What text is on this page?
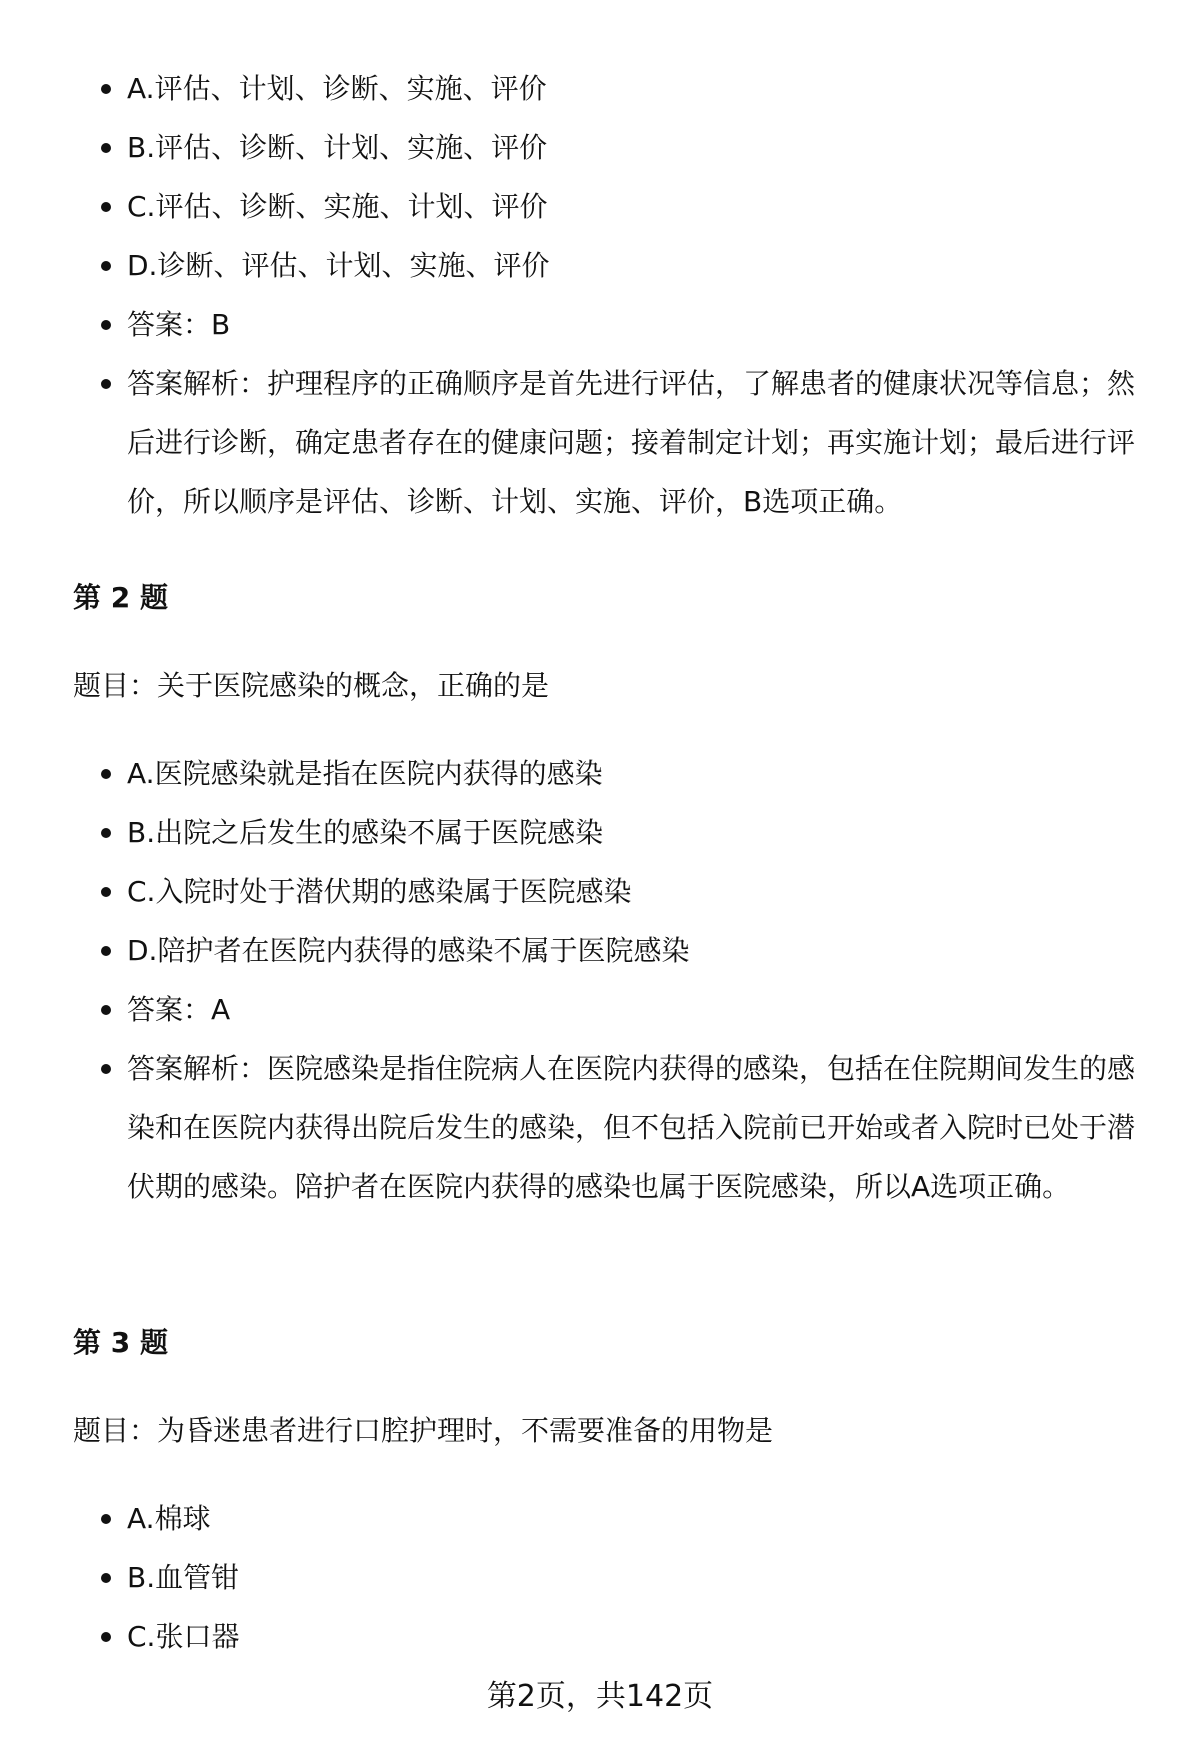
A.评估、计划、诊断、实施、评价
B.评估、诊断、计划、实施、评价
C.评估、诊断、实施、计划、评价
D.诊断、评估、计划、实施、评价
答案：B
答案解析：护理程序的正确顺序是首先进行评估，了解患者的健康状况等信息；然后进行诊断，确定患者存在的健康问题；接着制定计划；再实施计划；最后进行评价，所以顺序是评估、诊断、计划、实施、评价，B选项正确。
第 2 题
题目：关于医院感染的概念，正确的是
A.医院感染就是指在医院内获得的感染
B.出院之后发生的感染不属于医院感染
C.入院时处于潜伏期的感染属于医院感染
D.陪护者在医院内获得的感染不属于医院感染
答案：A
答案解析：医院感染是指住院病人在医院内获得的感染，包括在住院期间发生的感染和在医院内获得出院后发生的感染，但不包括入院前已开始或者入院时已处于潜伏期的感染。陪护者在医院内获得的感染也属于医院感染，所以A选项正确。
第 3 题
题目：为昏迷患者进行口腔护理时，不需要准备的用物是
A.棉球
B.血管钳
C.张口器
第2页，共142页
